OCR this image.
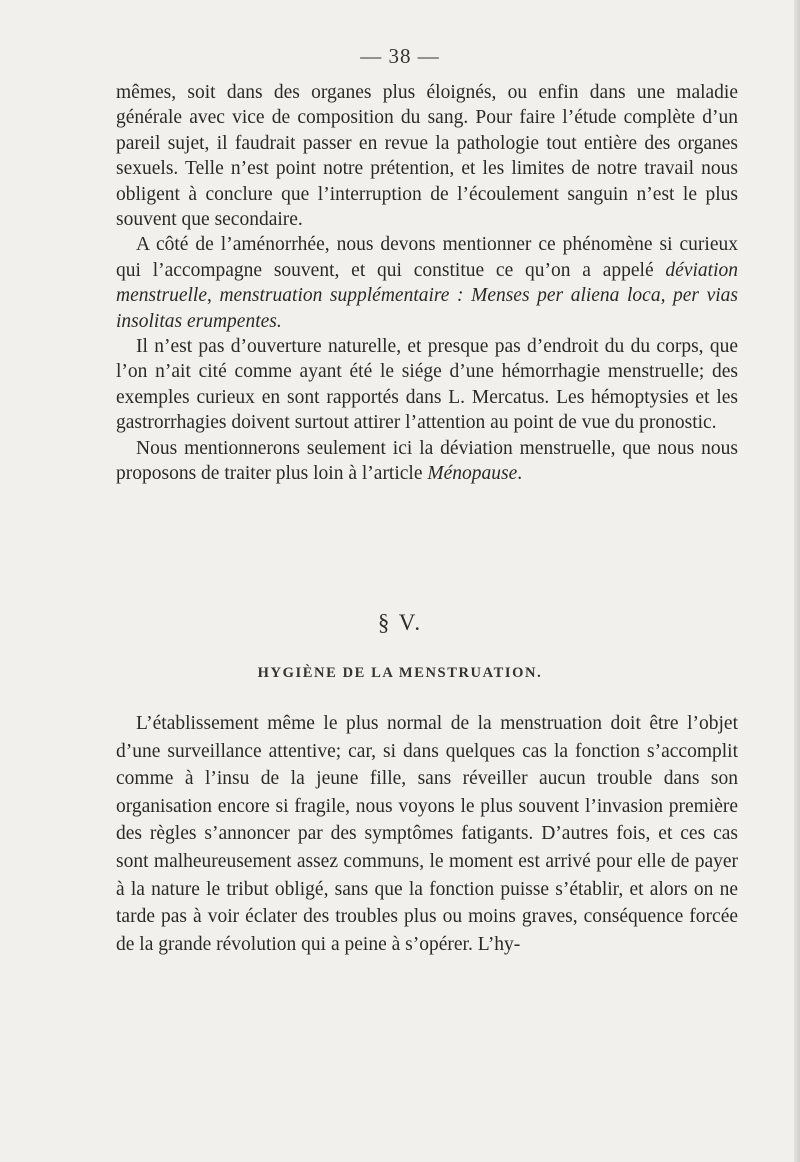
— 38 —

mêmes, soit dans des organes plus éloignés, ou enfin dans une maladie générale avec vice de composition du sang. Pour faire l’étude complète d’un pareil sujet, il faudrait passer en revue la pathologie tout entière des organes sexuels. Telle n’est point notre prétention, et les limites de notre travail nous obligent à conclure que l’interruption de l’écoulement sanguin n’est le plus souvent que secondaire.

A côté de l’aménorrhée, nous devons mentionner ce phénomène si curieux qui l’accompagne souvent, et qui constitue ce qu’on a appelé déviation menstruelle, menstruation supplémentaire : Menses per aliena loca, per vias insolitas erumpentes.

Il n’est pas d’ouverture naturelle, et presque pas d’endroit du du corps, que l’on n’ait cité comme ayant été le siége d’une hémorrhagie menstruelle; des exemples curieux en sont rapportés dans L. Mercatus. Les hémoptysies et les gastrorrhagies doivent surtout attirer l’attention au point de vue du pronostic.

Nous mentionnerons seulement ici la déviation menstruelle, que nous nous proposons de traiter plus loin à l’article Ménopause.

§ V.
HYGIÈNE DE LA MENSTRUATION.

L’établissement même le plus normal de la menstruation doit être l’objet d’une surveillance attentive; car, si dans quelques cas la fonction s’accomplit comme à l’insu de la jeune fille, sans réveiller aucun trouble dans son organisation encore si fragile, nous voyons le plus souvent l’invasion première des règles s’annoncer par des symptômes fatigants. D’autres fois, et ces cas sont malheureusement assez communs, le moment est arrivé pour elle de payer à la nature le tribut obligé, sans que la fonction puisse s’établir, et alors on ne tarde pas à voir éclater des troubles plus ou moins graves, conséquence forcée de la grande révolution qui a peine à s’opérer. L’hy-
